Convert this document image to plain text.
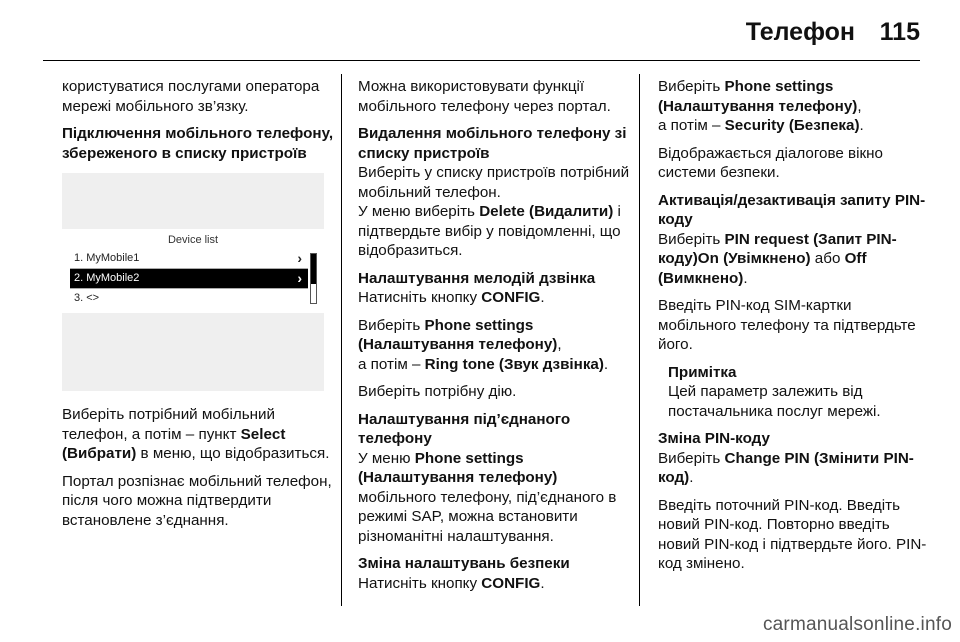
Телефон 115

користуватися послугами оператора мережі мобільного зв’язку.

Підключення мобільного телефону, збереженого в списку пристроїв

Device list
1. MyMobile1	›
2. MyMobile2	›
3. <>

Виберіть потрібний мобільний телефон, а потім – пункт Select (Вибрати) в меню, що відобразиться.

Портал розпізнає мобільний телефон, після чого можна підтвердити встановлене з’єднання.

Можна використовувати функції мобільного телефону через портал.

Видалення мобільного телефону зі списку пристроїв

Виберіть у списку пристроїв потрібний мобільний телефон.
У меню виберіть Delete (Видалити) і підтвердьте вибір у повідомленні, що відобразиться.

Налаштування мелодій дзвінка

Натисніть кнопку CONFIG.

Виберіть Phone settings (Налаштування телефону),
а потім – Ring tone (Звук дзвінка).

Виберіть потрібну дію.

Налаштування під’єднаного телефону

У меню Phone settings (Налаштування телефону) мобільного телефону, під’єднаного в режимі SAP, можна встановити різноманітні налаштування.

Зміна налаштувань безпеки

Натисніть кнопку CONFIG.

Виберіть Phone settings (Налаштування телефону),
а потім – Security (Безпека).

Відображається діалогове вікно системи безпеки.

Активація/дезактивація запиту PIN-коду

Виберіть PIN request (Запит PIN-коду)On (Увімкнено) або Off (Вимкнено).

Введіть PIN-код SIM-картки мобільного телефону та підтвердьте його.

Примітка

Цей параметр залежить від постачальника послуг мережі.

Зміна PIN-коду

Виберіть Change PIN (Змінити PIN-код).

Введіть поточний PIN-код. Введіть новий PIN-код. Повторно введіть новий PIN-код і підтвердьте його. PIN-код змінено.

carmanualsonline.info
